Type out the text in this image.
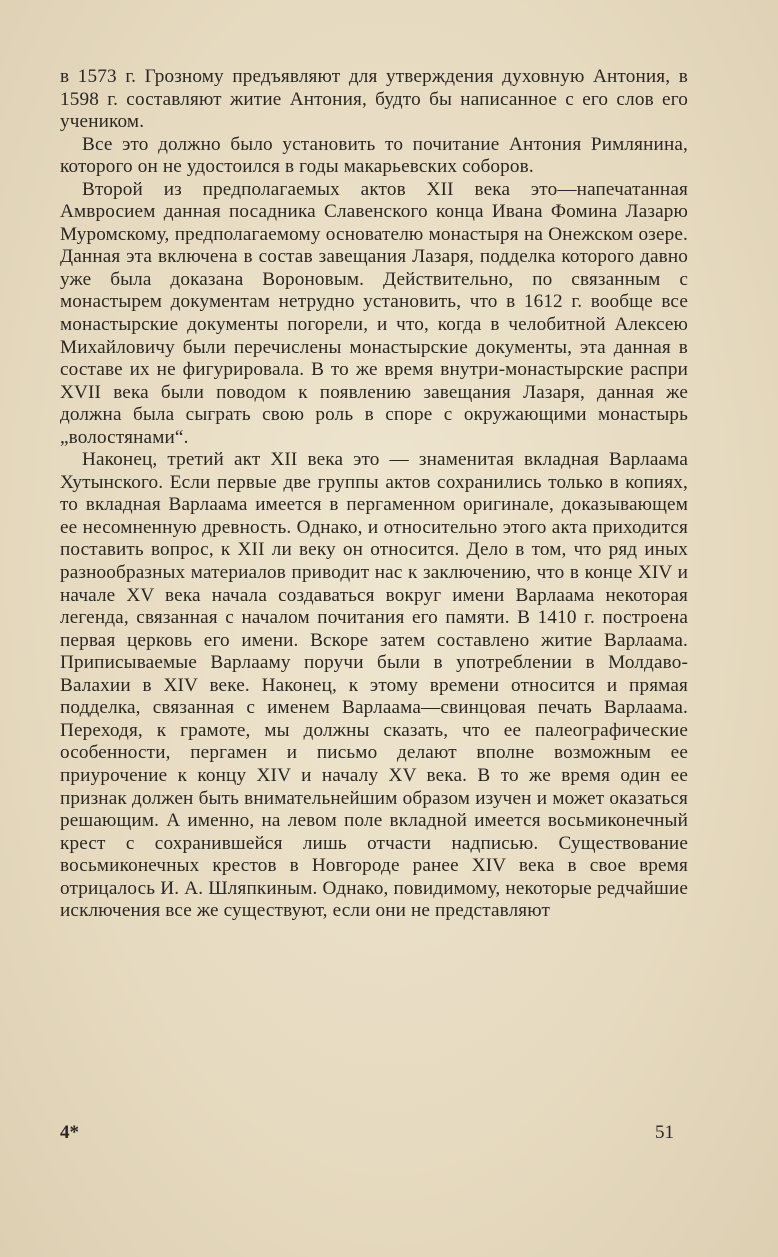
в 1573 г. Грозному предъявляют для утверждения духовную Антония, в 1598 г. составляют житие Антония, будто бы написанное с его слов его учеником.

Все это должно было установить то почитание Антония Римлянина, которого он не удостоился в годы макарьевских соборов.

Второй из предполагаемых актов XII века это—напечатанная Амвросием данная посадника Славенского конца Ивана Фомина Лазарю Муромскому, предполагаемому основателю монастыря на Онежском озере. Данная эта включена в состав завещания Лазаря, подделка которого давно уже была доказана Вороновым. Действительно, по связанным с монастырем документам нетрудно установить, что в 1612 г. вообще все монастырские документы погорели, и что, когда в челобитной Алексею Михайловичу были перечислены монастырские документы, эта данная в составе их не фигурировала. В то же время внутри-монастырские распри XVII века были поводом к появлению завещания Лазаря, данная же должна была сыграть свою роль в споре с окружающими монастырь „волостянами“.

Наконец, третий акт XII века это — знаменитая вкладная Варлаама Хутынского. Если первые две группы актов сохранились только в копиях, то вкладная Варлаама имеется в пергаменном оригинале, доказывающем ее несомненную древность. Однако, и относительно этого акта приходится поставить вопрос, к XII ли веку он относится. Дело в том, что ряд иных разнообразных материалов приводит нас к заключению, что в конце XIV и начале XV века начала создаваться вокруг имени Варлаама некоторая легенда, связанная с началом почитания его памяти. В 1410 г. построена первая церковь его имени. Вскоре затем составлено житие Варлаама. Приписываемые Варлааму поручи были в употреблении в Молдаво-Валахии в XIV веке. Наконец, к этому времени относится и прямая подделка, связанная с именем Варлаама—свинцовая печать Варлаама. Переходя, к грамоте, мы должны сказать, что ее палеографические особенности, пергамен и письмо делают вполне возможным ее приурочение к концу XIV и началу XV века. В то же время один ее признак должен быть внимательнейшим образом изучен и может оказаться решающим. А именно, на левом поле вкладной имеется восьмиконечный крест с сохранившейся лишь отчасти надписью. Существование восьмиконечных крестов в Новгороде ранее XIV века в свое время отрицалось И. А. Шляпкиным. Однако, повидимому, некоторые редчайшие исключения все же существуют, если они не представляют

4*	51
